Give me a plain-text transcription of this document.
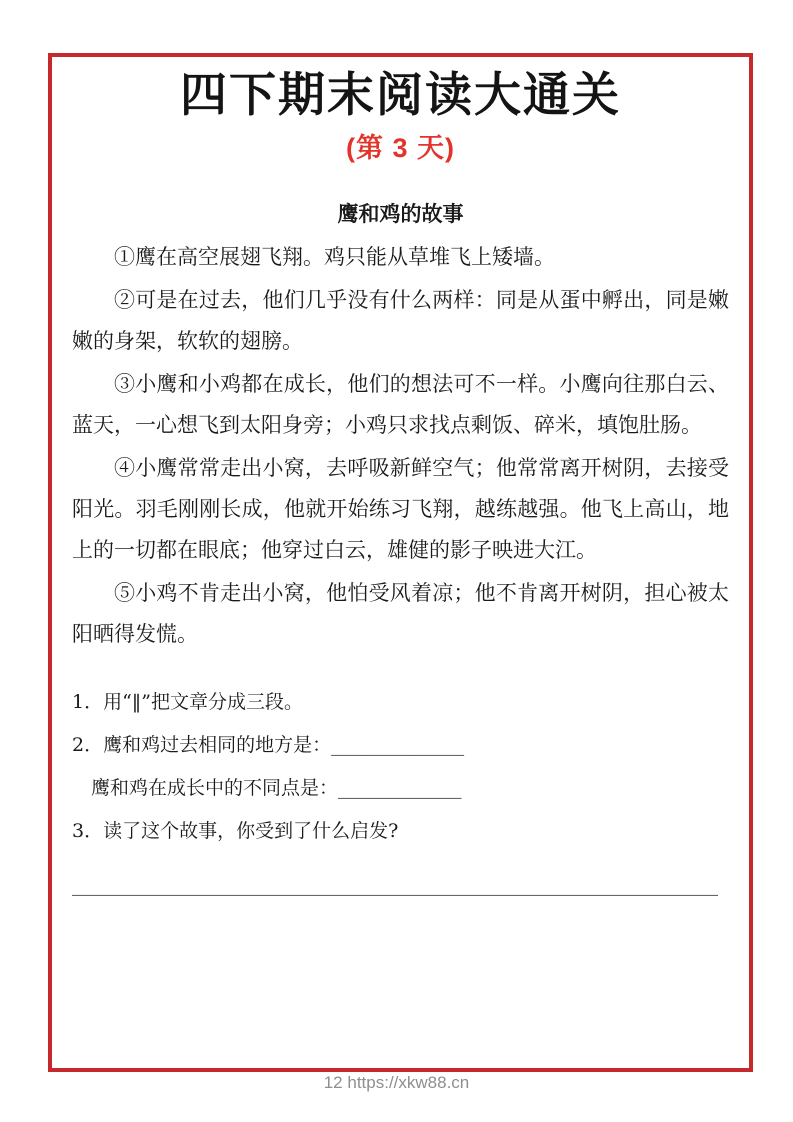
四下期末阅读大通关
(第 3 天)
鹰和鸡的故事

①鹰在高空展翅飞翔。鸡只能从草堆飞上矮墙。

②可是在过去，他们几乎没有什么两样：同是从蛋中孵出，同是嫩嫩的身架，软软的翅膀。

③小鹰和小鸡都在成长，他们的想法可不一样。小鹰向往那白云、蓝天，一心想飞到太阳身旁；小鸡只求找点剩饭、碎米，填饱肚肠。

④小鹰常常走出小窝，去呼吸新鲜空气；他常常离开树阴，去接受阳光。羽毛刚刚长成，他就开始练习飞翔，越练越强。他飞上高山，地上的一切都在眼底；他穿过白云，雄健的影子映进大江。

⑤小鸡不肯走出小窝，他怕受风着凉；他不肯离开树阴，担心被太阳晒得发慌。

1．用“‖”把文章分成三段。
2．鹰和鸡过去相同的地方是：______________
鹰和鸡在成长中的不同点是：_____________
3．读了这个故事，你受到了什么启发?
____________________________________________________________________
12 https://xkw88.cn
